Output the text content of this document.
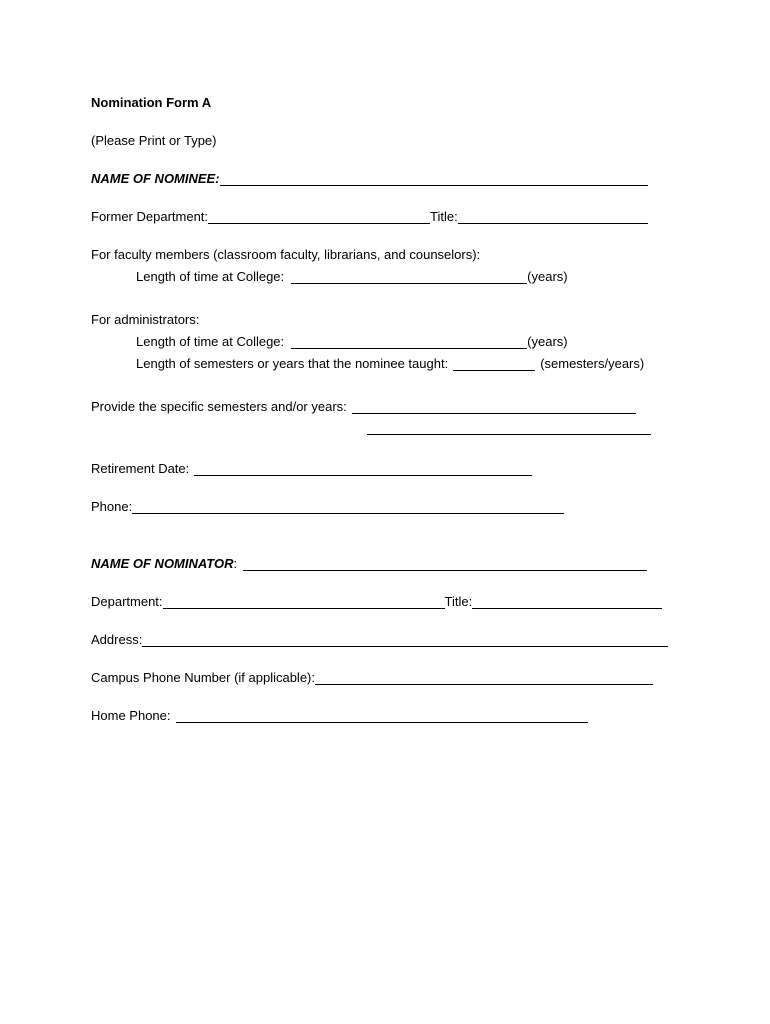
Nomination Form A
(Please Print or Type)
NAME OF NOMINEE:
Former Department:	Title:
For faculty members (classroom faculty, librarians, and counselors):
Length of time at College:	(years)
For administrators:
Length of time at College:	(years)
Length of semesters or years that the nominee taught:	(semesters/years)
Provide the specific semesters and/or years:
Retirement Date:
Phone:
NAME OF NOMINATOR :
Department:	Title:
Address:
Campus Phone Number (if applicable):
Home Phone:
